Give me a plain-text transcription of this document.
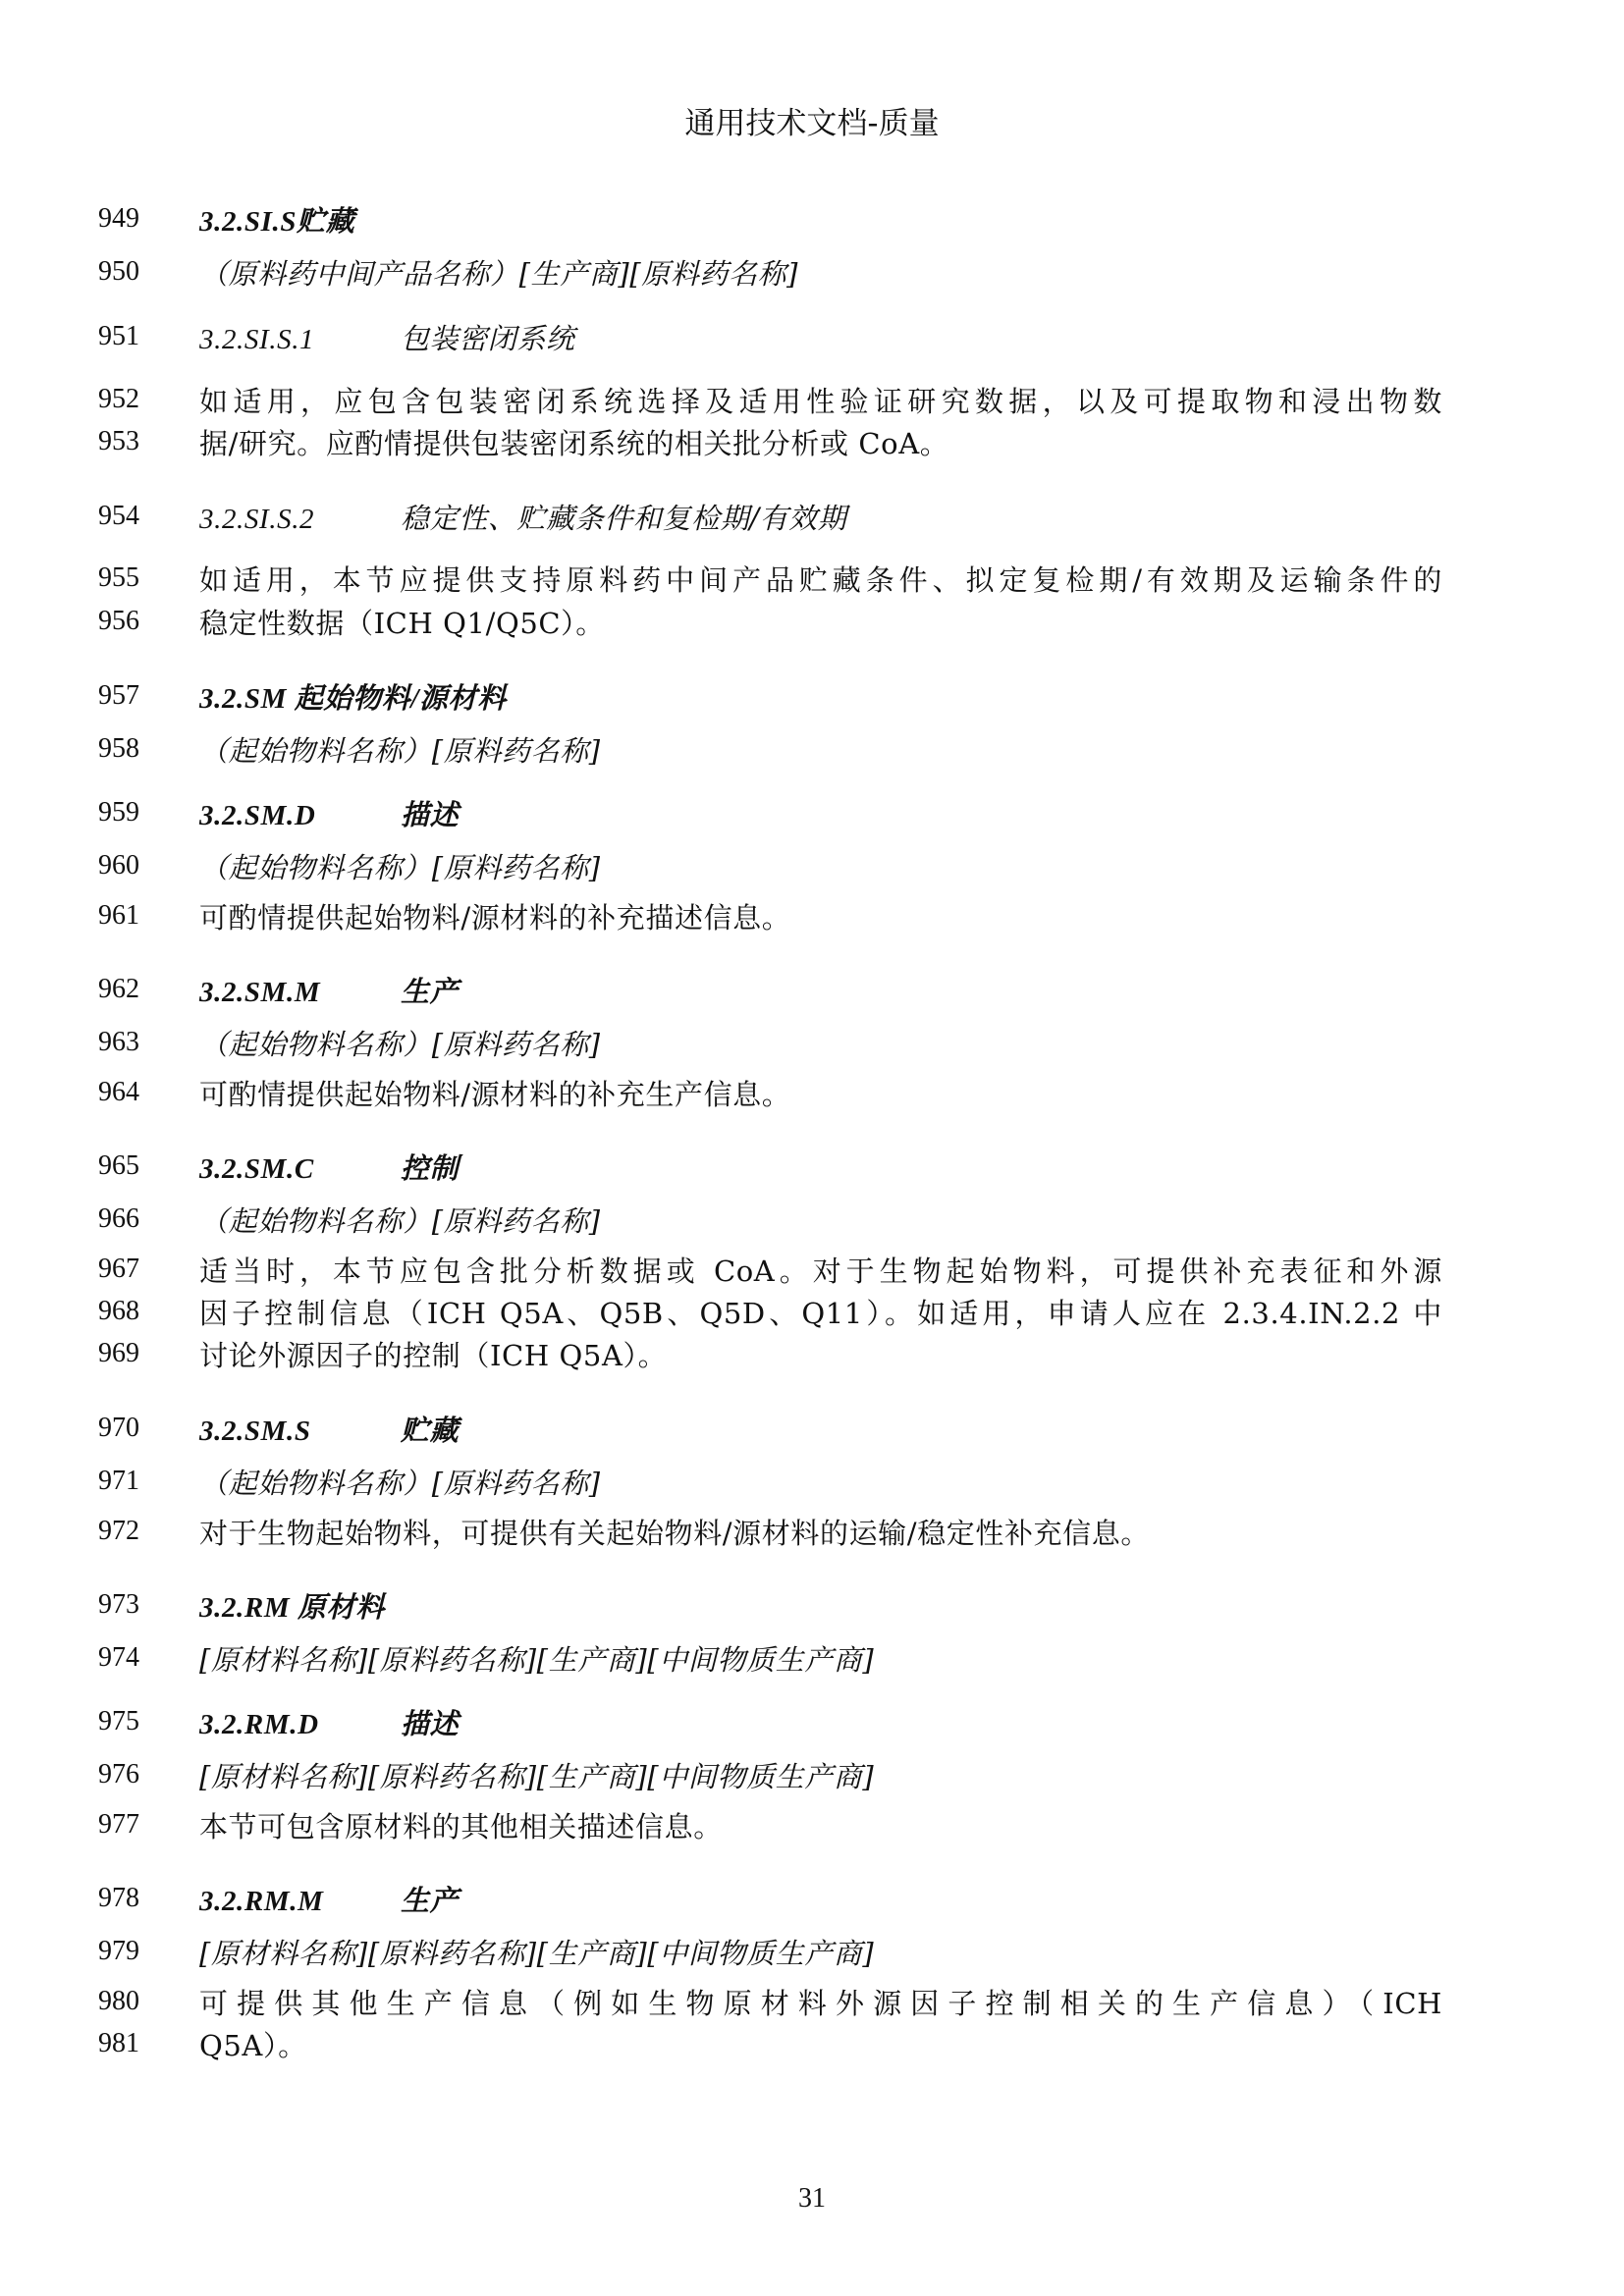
通用技术文档-质量
949	3.2.SI.S贮藏
950	（原料药中间产品名称）[生产商][原料药名称]
951	3.2.SI.S.1	包装密闭系统
952	如适用，应包含包装密闭系统选择及适用性验证研究数据，以及可提取物和浸出物数
953	据/研究。应酌情提供包装密闭系统的相关批分析或 CoA。
954	3.2.SI.S.2	稳定性、贮藏条件和复检期/有效期
955	如适用，本节应提供支持原料药中间产品贮藏条件、拟定复检期/有效期及运输条件的
956	稳定性数据（ICH Q1/Q5C）。
957	3.2.SM 起始物料/源材料
958	（起始物料名称）[原料药名称]
959	3.2.SM.D	描述
960	（起始物料名称）[原料药名称]
961	可酌情提供起始物料/源材料的补充描述信息。
962	3.2.SM.M	生产
963	（起始物料名称）[原料药名称]
964	可酌情提供起始物料/源材料的补充生产信息。
965	3.2.SM.C	控制
966	（起始物料名称）[原料药名称]
967	适当时，本节应包含批分析数据或 CoA。对于生物起始物料，可提供补充表征和外源
968	因子控制信息（ICH Q5A、Q5B、Q5D、Q11）。如适用，申请人应在 2.3.4.IN.2.2 中
969	讨论外源因子的控制（ICH Q5A）。
970	3.2.SM.S	贮藏
971	（起始物料名称）[原料药名称]
972	对于生物起始物料，可提供有关起始物料/源材料的运输/稳定性补充信息。
973	3.2.RM 原材料
974	[原材料名称][原料药名称][生产商][中间物质生产商]
975	3.2.RM.D	描述
976	[原材料名称][原料药名称][生产商][中间物质生产商]
977	本节可包含原材料的其他相关描述信息。
978	3.2.RM.M	生产
979	[原材料名称][原料药名称][生产商][中间物质生产商]
980	可提供其他生产信息（例如生物原材料外源因子控制相关的生产信息）（ICH
981	Q5A）。
31
